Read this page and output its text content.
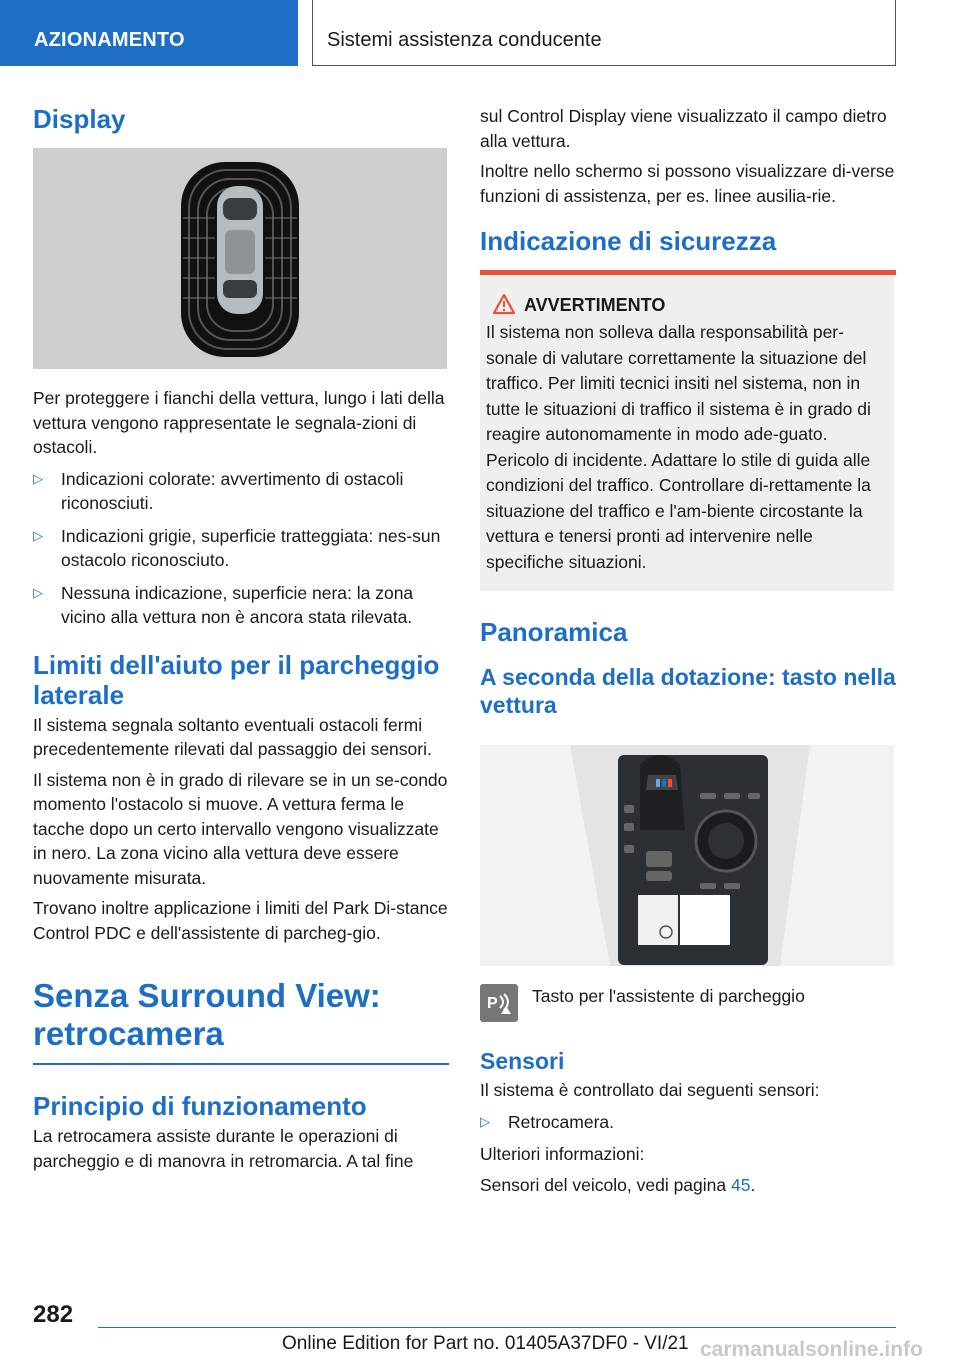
AZIONAMENTO	Sistemi assistenza conducente
Display

Per proteggere i fianchi della vettura, lungo i lati della vettura vengono rappresentate le segnala-zioni di ostacoli.

▷ Indicazioni colorate: avvertimento di ostacoli riconosciuti.
▷ Indicazioni grigie, superficie tratteggiata: nes-sun ostacolo riconosciuto.
▷ Nessuna indicazione, superficie nera: la zona vicino alla vettura non è ancora stata rilevata.
Limiti dell'aiuto per il parcheggio laterale

Il sistema segnala soltanto eventuali ostacoli fermi precedentemente rilevati dal passaggio dei sensori.

Il sistema non è in grado di rilevare se in un se-condo momento l'ostacolo si muove. A vettura ferma le tacche dopo un certo intervallo vengono visualizzate in nero. La zona vicino alla vettura deve essere nuovamente misurata.

Trovano inoltre applicazione i limiti del Park Di-stance Control PDC e dell'assistente di parcheg-gio.

Senza Surround View: retrocamera
Principio di funzionamento

La retrocamera assiste durante le operazioni di parcheggio e di manovra in retromarcia. A tal fine

sul Control Display viene visualizzato il campo dietro alla vettura.

Inoltre nello schermo si possono visualizzare di-verse funzioni di assistenza, per es. linee ausilia-rie.

Indicazione di sicurezza
AVVERTIMENTO

Il sistema non solleva dalla responsabilità per-sonale di valutare correttamente la situazione del traffico. Per limiti tecnici insiti nel sistema, non in tutte le situazioni di traffico il sistema è in grado di reagire autonomamente in modo ade-guato. Pericolo di incidente. Adattare lo stile di guida alle condizioni del traffico. Controllare di-rettamente la situazione del traffico e l'am-biente circostante la vettura e tenersi pronti ad intervenire nelle specifiche situazioni.

Panoramica
A seconda della dotazione: tasto nella vettura
P Tasto per l'assistente di parcheggio
Sensori

Il sistema è controllato dai seguenti sensori:

▷ Retrocamera.

Ulteriori informazioni:

Sensori del veicolo, vedi pagina 45.

282
Online Edition for Part no. 01405A37DF0 - VI/21 carmanualsonline.info
